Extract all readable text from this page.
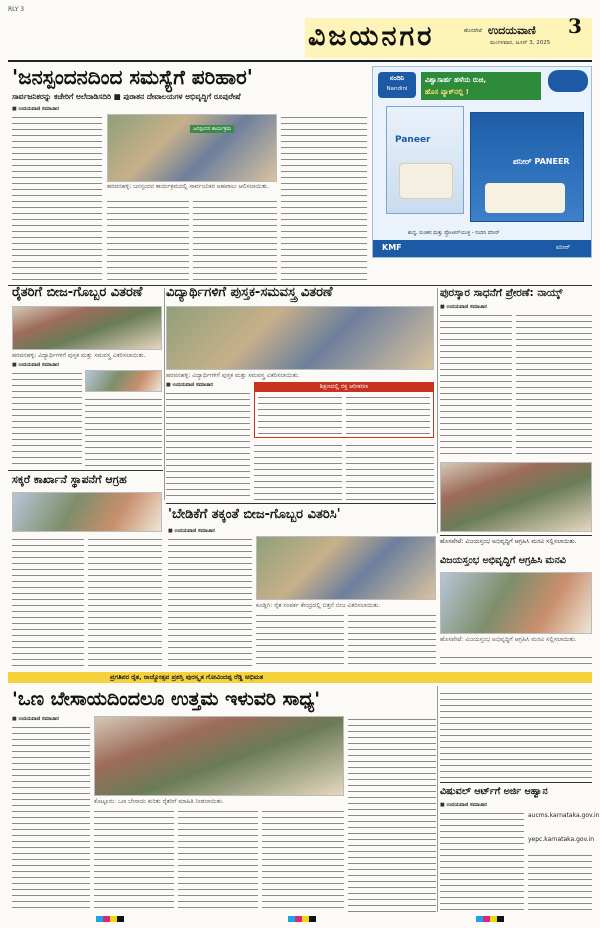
RLY 3
ವಿಜಯನಗರ	3
ಹೊಸಪೇಟೆ ಉದಯವಾಣಿ
ಮಂಗಳವಾರ, ಜೂನ್ 3, 2025
'ಜನಸ್ಪಂದನದಿಂದ ಸಮಸ್ಯೆಗೆ ಪರಿಹಾರ'
ಸಾರ್ವಜನಿಕರನ್ನು ಕಚೇರಿಗೆ ಅಲೆದಾಡಿಸದಿರಿ ■ ಪುರಾತನ ದೇವಾಲಯಗಳ ಅಭಿವೃದ್ಧಿಗೆ ರೂಪುರೇಷೆ
■ ಉದಯವಾಣಿ ಸಮಾಚಾರ
ಜನಸ್ಪಂದನ ಕಾರ್ಯಕ್ರಮ
ಹರಪನಹಳ್ಳಿ: ಜನಸ್ಪಂದನ ಕಾರ್ಯಕ್ರಮದಲ್ಲಿ ಸಾರ್ವಜನಿಕರ ಅಹವಾಲು ಆಲಿಸಲಾಯಿತು.
ನಂದಿನಿ
Nandini
ವಿಶ್ವಾಸಾರ್ಹ ಹಳೆಯ ರುಚಿ,
ಹೊಸ ಪ್ಯಾಕ್‌ನಲ್ಲಿ !
Paneer
ಪನೀರ್ PANEER
ಶುದ್ಧ, ರುಚಿಕರ ಮತ್ತು ಪ್ರೋಟೀನ್‌ಯುಕ್ತ - ನಂದಿನಿ ಪನೀರ್
KMF	ಪನೀರ್
ರೈತರಿಗೆ ಬೀಜ-ಗೊಬ್ಬರ ವಿತರಣೆ
ಹರಪನಹಳ್ಳಿ: ವಿದ್ಯಾರ್ಥಿಗಳಿಗೆ ಪುಸ್ತಕ ಮತ್ತು ಸಮವಸ್ತ್ರ ವಿತರಿಸಲಾಯಿತು.
■ ಉದಯವಾಣಿ ಸಮಾಚಾರ
ವಿದ್ಯಾರ್ಥಿಗಳಿಗೆ ಪುಸ್ತಕ-ಸಮವಸ್ತ್ರ ವಿತರಣೆ
ಹರಪನಹಳ್ಳಿ: ವಿದ್ಯಾರ್ಥಿಗಳಿಗೆ ಪುಸ್ತಕ ಮತ್ತು ಸಮವಸ್ತ್ರ ವಿತರಿಸಲಾಯಿತು.
■ ಉದಯವಾಣಿ ಸಮಾಚಾರ	ಶಿಕ್ಷಣದಲ್ಲಿ ರಕ್ತ ಆರೀಕರಣ
ಪುರಸ್ಕಾರ ಸಾಧನೆಗೆ ಪ್ರೇರಣೆ: ನಾಯ್ಕ್
■ ಉದಯವಾಣಿ ಸಮಾಚಾರ
ಸಕ್ಕರೆ ಕಾರ್ಖಾನೆ ಸ್ಥಾಪನೆಗೆ ಆಗ್ರಹ
'ಬೇಡಿಕೆಗೆ ತಕ್ಕಂತೆ ಬೀಜ-ಗೊಬ್ಬರ ವಿತರಿಸಿ'
■ ಉದಯವಾಣಿ ಸಮಾಚಾರ
ಕೂಡ್ಲಿಗಿ: ರೈತ ಸಂಪರ್ಕ ಕೇಂದ್ರದಲ್ಲಿ ಬಿತ್ತನೆ ಬೀಜ ವಿತರಿಸಲಾಯಿತು.
ಹೊಸಪೇಟೆ: ವಿಜಯಸ್ತಂಭ ಅಭಿವೃದ್ಧಿಗೆ ಆಗ್ರಹಿಸಿ ಮನವಿ ಸಲ್ಲಿಸಲಾಯಿತು.
ವಿಜಯಸ್ತಂಭ ಅಭಿವೃದ್ಧಿಗೆ ಆಗ್ರಹಿಸಿ ಮನವಿ
ಹೊಸಪೇಟೆ: ವಿಜಯಸ್ತಂಭ ಅಭಿವೃದ್ಧಿಗೆ ಆಗ್ರಹಿಸಿ ಮನವಿ ಸಲ್ಲಿಸಲಾಯಿತು.
ಪ್ರಗತಿಪರ ರೈತ, ರಾಜ್ಯೋತ್ಸವ ಪ್ರಶಸ್ತಿ ಪುರಸ್ಕೃತ ಗೋವಿಂದಪ್ಪ ರೆಡ್ಡಿ ಅಭಿಮತ
'ಒಣ ಬೇಸಾಯದಿಂದಲೂ ಉತ್ತಮ ಇಳುವರಿ ಸಾಧ್ಯ'
■ ಉದಯವಾಣಿ ಸಮಾಚಾರ
ಕೊಟ್ಟೂರು: ಒಣ ಬೇಸಾಯ ಕುರಿತು ರೈತರಿಗೆ ಮಾಹಿತಿ ನೀಡಲಾಯಿತು.
ವಿಷುವಲ್ ಆರ್ಟ್‌ಗೆ ಅರ್ಜಿ ಆಹ್ವಾನ
■ ಉದಯವಾಣಿ ಸಮಾಚಾರ
aucms.karnataka.gov.in
yepc.karnataka.gov.in
